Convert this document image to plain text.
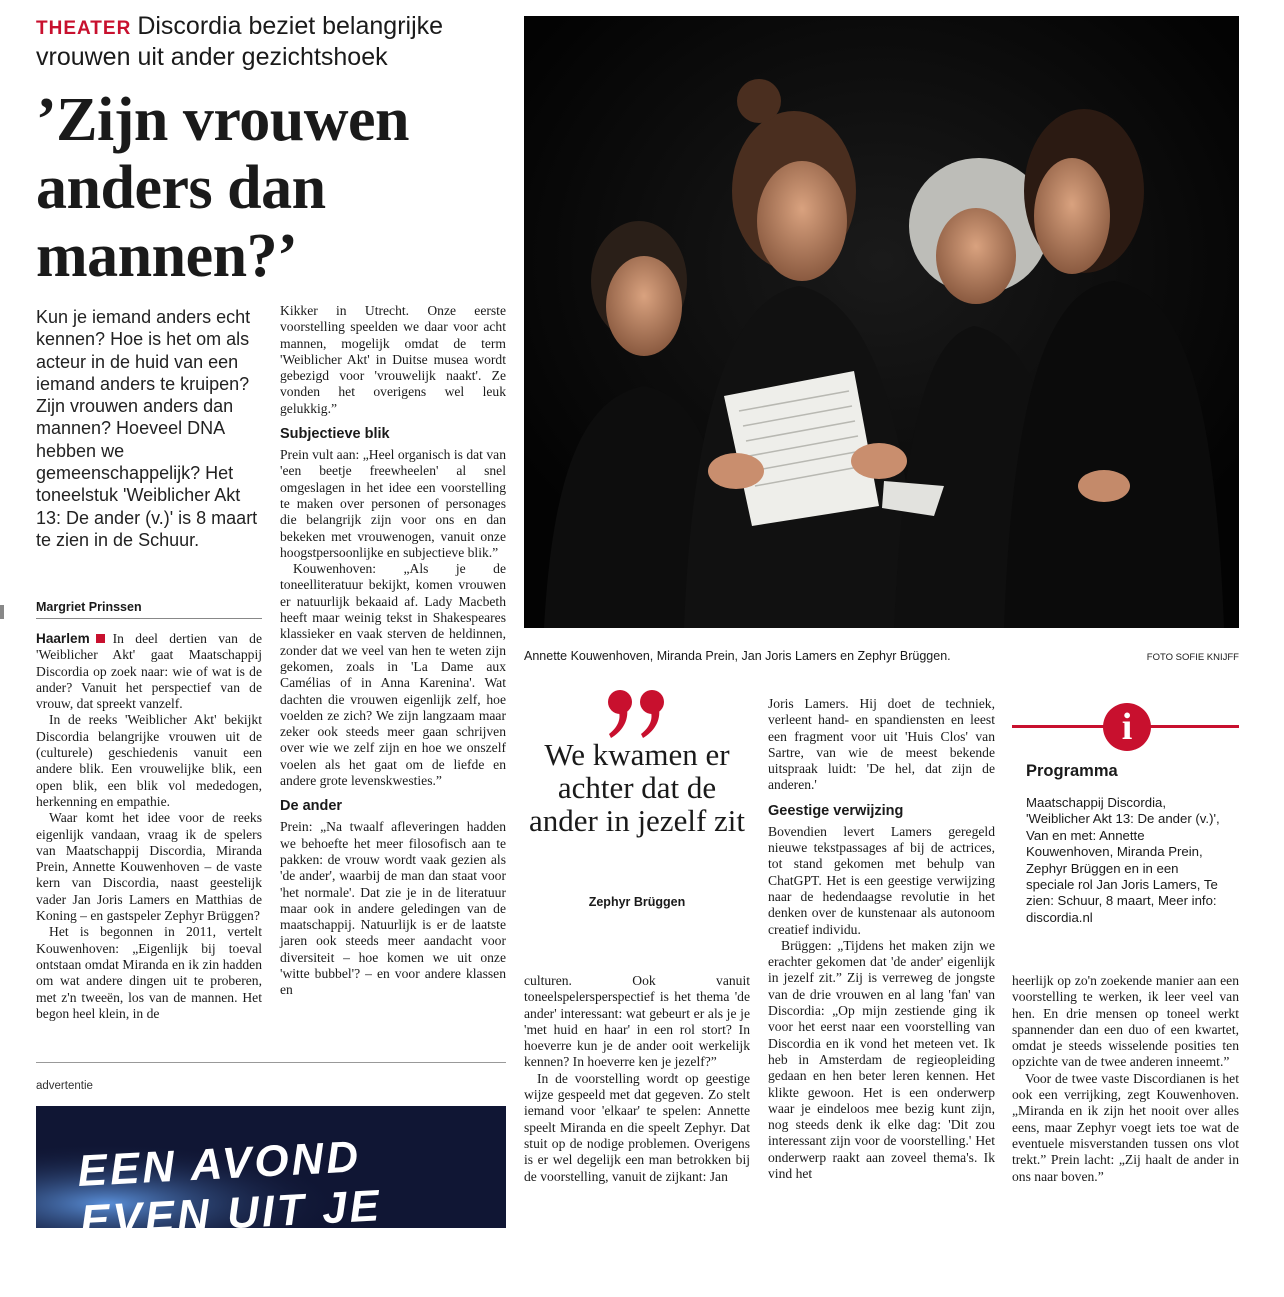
THEATER Discordia beziet belangrijke vrouwen uit ander gezichtshoek
’Zijn vrouwen anders dan mannen?’
Kun je iemand anders echt kennen? Hoe is het om als acteur in de huid van een iemand anders te kruipen? Zijn vrouwen anders dan mannen? Hoeveel DNA hebben we gemeenschappelijk? Het toneelstuk 'Weiblicher Akt 13: De ander (v.)' is 8 maart te zien in de Schuur.
Margriet Prinssen

Haarlem In deel dertien van de 'Weiblicher Akt' gaat Maatschappij Discordia op zoek naar: wie of wat is de ander? Vanuit het perspectief van de vrouw, dat spreekt vanzelf.

In de reeks 'Weiblicher Akt' bekijkt Discordia belangrijke vrouwen uit de (culturele) geschiedenis vanuit een andere blik. Een vrouwelijke blik, een open blik, een blik vol mededogen, herkenning en empathie.

Waar komt het idee voor de reeks eigenlijk vandaan, vraag ik de spelers van Maatschappij Discordia, Miranda Prein, Annette Kouwenhoven – de vaste kern van Discordia, naast geestelijk vader Jan Joris Lamers en Matthias de Koning – en gastspeler Zephyr Brüggen?

Het is begonnen in 2011, vertelt Kouwenhoven: „Eigenlijk bij toeval ontstaan omdat Miranda en ik zin hadden om wat andere dingen uit te proberen, met z'n tweeën, los van de mannen. Het begon heel klein, in de

Kikker in Utrecht. Onze eerste voorstelling speelden we daar voor acht mannen, mogelijk omdat de term 'Weiblicher Akt' in Duitse musea wordt gebezigd voor 'vrouwelijk naakt'. Ze vonden het overigens wel leuk gelukkig.”

Subjectieve blik

Prein vult aan: „Heel organisch is dat van 'een beetje freewheelen' al snel omgeslagen in het idee een voorstelling te maken over personen of personages die belangrijk zijn voor ons en dan bekeken met vrouwenogen, vanuit onze hoogstpersoonlijke en subjectieve blik.”

Kouwenhoven: „Als je de toneelliteratuur bekijkt, komen vrouwen er natuurlijk bekaaid af. Lady Macbeth heeft maar weinig tekst in Shakespeares klassieker en vaak sterven de heldinnen, zonder dat we veel van hen te weten zijn gekomen, zoals in 'La Dame aux Camélias of in Anna Karenina'. Wat dachten die vrouwen eigenlijk zelf, hoe voelden ze zich? We zijn langzaam maar zeker ook steeds meer gaan schrijven over wie we zelf zijn en hoe we onszelf voelen als het gaat om de liefde en andere grote levenskwesties.”

De ander

Prein: „Na twaalf afleveringen hadden we behoefte het meer filosofisch aan te pakken: de vrouw wordt vaak gezien als 'de ander', waarbij de man dan staat voor 'het normale'. Dat zie je in de literatuur maar ook in andere geledingen van de maatschappij. Natuurlijk is er de laatste jaren ook steeds meer aandacht voor diversiteit – hoe komen we uit onze 'witte bubbel'? – en voor andere klassen en

Annette Kouwenhoven, Miranda Prein, Jan Joris Lamers en Zephyr Brüggen.	FOTO SOFIE KNIJFF
We kwamen er achter dat de ander in jezelf zit
Zephyr Brüggen

culturen. Ook vanuit toneelspelersperspectief is het thema 'de ander' interessant: wat gebeurt er als je je 'met huid en haar' in een rol stort? In hoeverre kun je de ander ooit werkelijk kennen? In hoeverre ken je jezelf?”

In de voorstelling wordt op geestige wijze gespeeld met dat gegeven. Zo stelt iemand voor 'elkaar' te spelen: Annette speelt Miranda en die speelt Zephyr. Dat stuit op de nodige problemen. Overigens is er wel degelijk een man betrokken bij de voorstelling, vanuit de zijkant: Jan

Joris Lamers. Hij doet de techniek, verleent hand- en spandiensten en leest een fragment voor uit 'Huis Clos' van Sartre, van wie de meest bekende uitspraak luidt: 'De hel, dat zijn de anderen.'

Geestige verwijzing

Bovendien levert Lamers geregeld nieuwe tekstpassages af bij de actrices, tot stand gekomen met behulp van ChatGPT. Het is een geestige verwijzing naar de hedendaagse revolutie in het denken over de kunstenaar als autonoom creatief individu.

Brüggen: „Tijdens het maken zijn we erachter gekomen dat 'de ander' eigenlijk in jezelf zit.” Zij is verreweg de jongste van de drie vrouwen en al lang 'fan' van Discordia: „Op mijn zestiende ging ik voor het eerst naar een voorstelling van Discordia en ik vond het meteen vet. Ik heb in Amsterdam de regieopleiding gedaan en hen beter leren kennen. Het klikte gewoon. Het is een onderwerp waar je eindeloos mee bezig kunt zijn, nog steeds denk ik elke dag: 'Dit zou interessant zijn voor de voorstelling.' Het onderwerp raakt aan zoveel thema's. Ik vind het

i
Programma
Maatschappij Discordia, 'Weiblicher Akt 13: De ander (v.)', Van en met: Annette Kouwenhoven, Miranda Prein, Zephyr Brüggen en in een speciale rol Jan Joris Lamers, Te zien: Schuur, 8 maart, Meer info: discordia.nl

heerlijk op zo'n zoekende manier aan een voorstelling te werken, ik leer veel van hen. En drie mensen op toneel werkt spannender dan een duo of een kwartet, omdat je steeds wisselende posities ten opzichte van de twee anderen inneemt.”

Voor de twee vaste Discordianen is het ook een verrijking, zegt Kouwenhoven. „Miranda en ik zijn het nooit over alles eens, maar Zephyr voegt iets toe wat de eventuele misverstanden tussen ons vlot trekt.” Prein lacht: „Zij haalt de ander in ons naar boven.”

advertentie
EEN AVOND EVEN UIT JE BOL?
